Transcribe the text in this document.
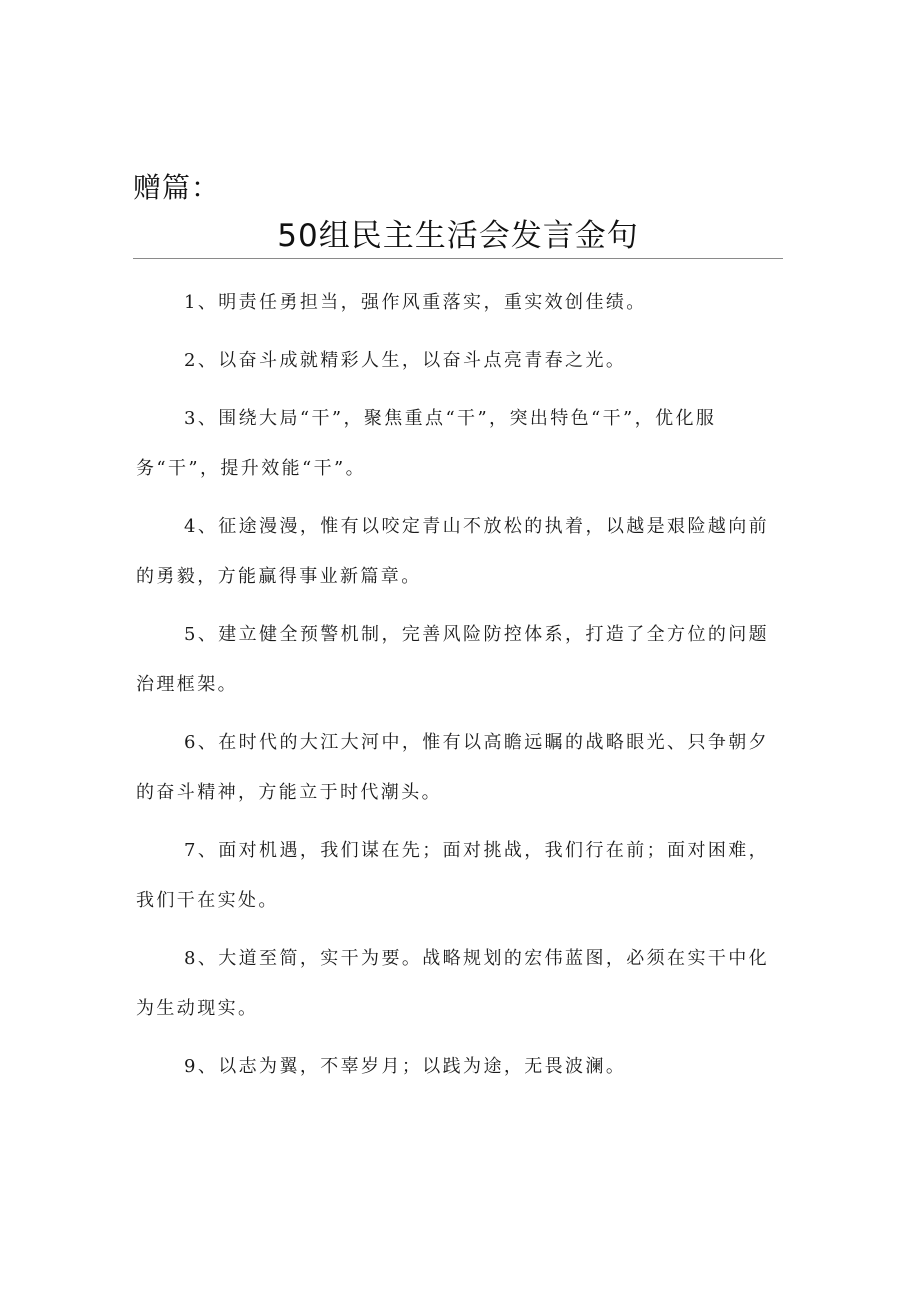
赠篇：
50组民主生活会发言金句

1、明责任勇担当，强作风重落实，重实效创佳绩。

2、以奋斗成就精彩人生，以奋斗点亮青春之光。

3、围绕大局“干”，聚焦重点“干”，突出特色“干”，优化服务“干”，提升效能“干”。

4、征途漫漫，惟有以咬定青山不放松的执着，以越是艰险越向前的勇毅，方能赢得事业新篇章。

5、建立健全预警机制，完善风险防控体系，打造了全方位的问题治理框架。

6、在时代的大江大河中，惟有以高瞻远瞩的战略眼光、只争朝夕的奋斗精神，方能立于时代潮头。

7、面对机遇，我们谋在先；面对挑战，我们行在前；面对困难，我们干在实处。

8、大道至简，实干为要。战略规划的宏伟蓝图，必须在实干中化为生动现实。

9、以志为翼，不辜岁月；以践为途，无畏波澜。
